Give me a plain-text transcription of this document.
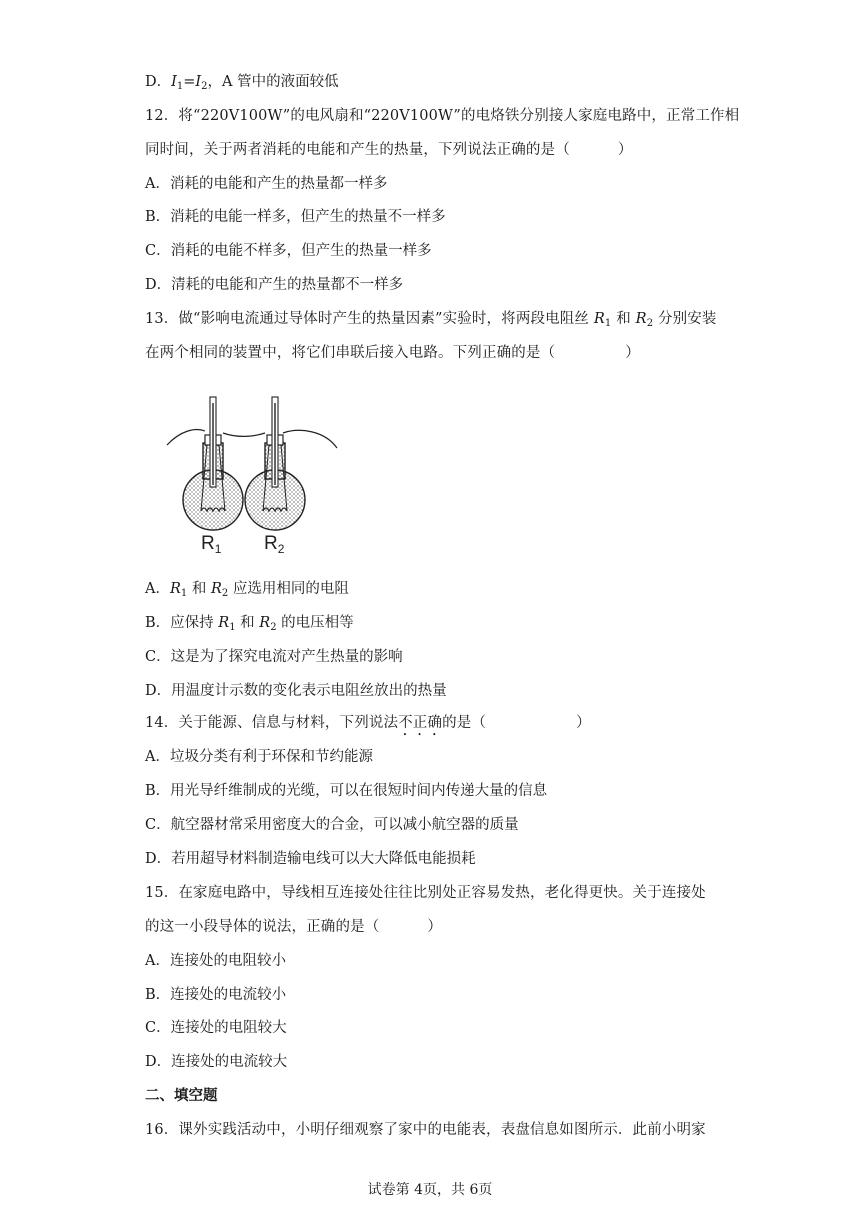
D．$I_1=I_2$，A 管中的液面较低
12．将“220V100W”的电风扇和“220V100W”的电烙铁分别接人家庭电路中，正常工作相
同时间，关于两者消耗的电能和产生的热量，下列说法正确的是（	）
A．消耗的电能和产生的热量都一样多
B．消耗的电能一样多，但产生的热量不一样多
C．消耗的电能不样多，但产生的热量一样多
D．清耗的电能和产生的热量都不一样多
13．做“影响电流通过导体时产生的热量因素”实验时，将两段电阻丝 $R_1$ 和 $R_2$ 分别安装
在两个相同的装置中，将它们串联后接入电路。下列正确的是（	）
$R_1$ $R_2$
A．$R_1$ 和 $R_2$ 应选用相同的电阻
B．应保持 $R_1$ 和 $R_2$ 的电压相等
C．这是为了探究电流对产生热量的影响
D．用温度计示数的变化表示电阻丝放出的热量
14．关于能源、信息与材料，下列说法不正确的是（	）
A．垃圾分类有利于环保和节约能源
B．用光导纤维制成的光缆，可以在很短时间内传递大量的信息
C．航空器材常采用密度大的合金，可以减小航空器的质量
D．若用超导材料制造输电线可以大大降低电能损耗
15．在家庭电路中，导线相互连接处往往比别处正容易发热，老化得更快。关于连接处
的这一小段导体的说法，正确的是（	）
A．连接处的电阻较小
B．连接处的电流较小
C．连接处的电阻较大
D．连接处的电流较大
二、填空题
16．课外实践活动中，小明仔细观察了家中的电能表，表盘信息如图所示．此前小明家
试卷第 4页，共 6页
